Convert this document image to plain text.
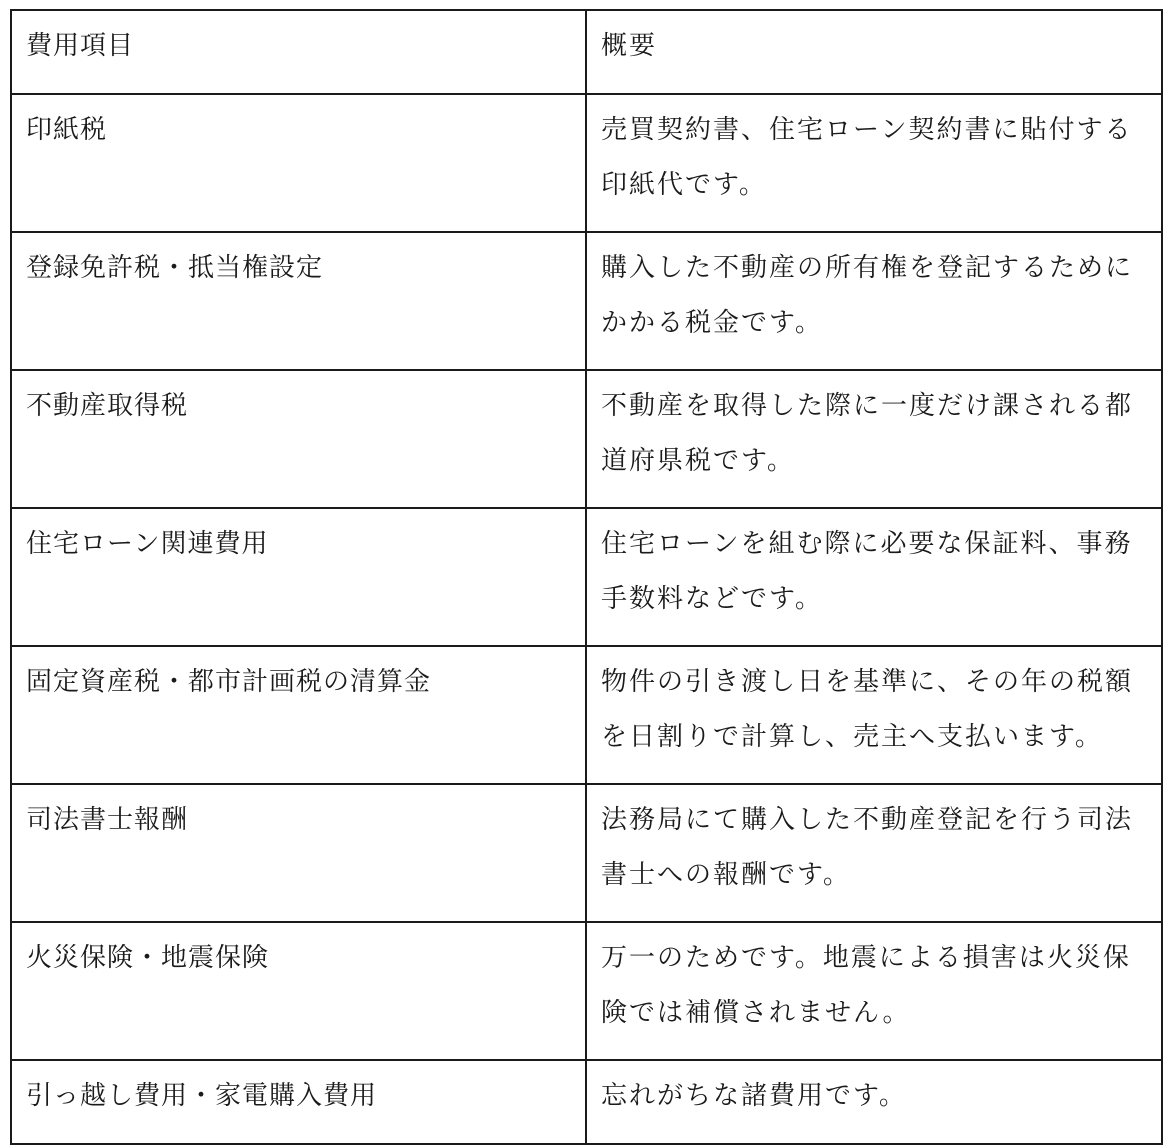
費用項目	概要
印紙税	売買契約書、住宅ローン契約書に貼付する印紙代です。
登録免許税・抵当権設定	購入した不動産の所有権を登記するためにかかる税金です。
不動産取得税	不動産を取得した際に一度だけ課される都道府県税です。
住宅ローン関連費用	住宅ローンを組む際に必要な保証料、事務手数料などです。
固定資産税・都市計画税の清算金	物件の引き渡し日を基準に、その年の税額を日割りで計算し、売主へ支払います。
司法書士報酬	法務局にて購入した不動産登記を行う司法書士への報酬です。
火災保険・地震保険	万一のためです。地震による損害は火災保険では補償されません。
引っ越し費用・家電購入費用	忘れがちな諸費用です。
